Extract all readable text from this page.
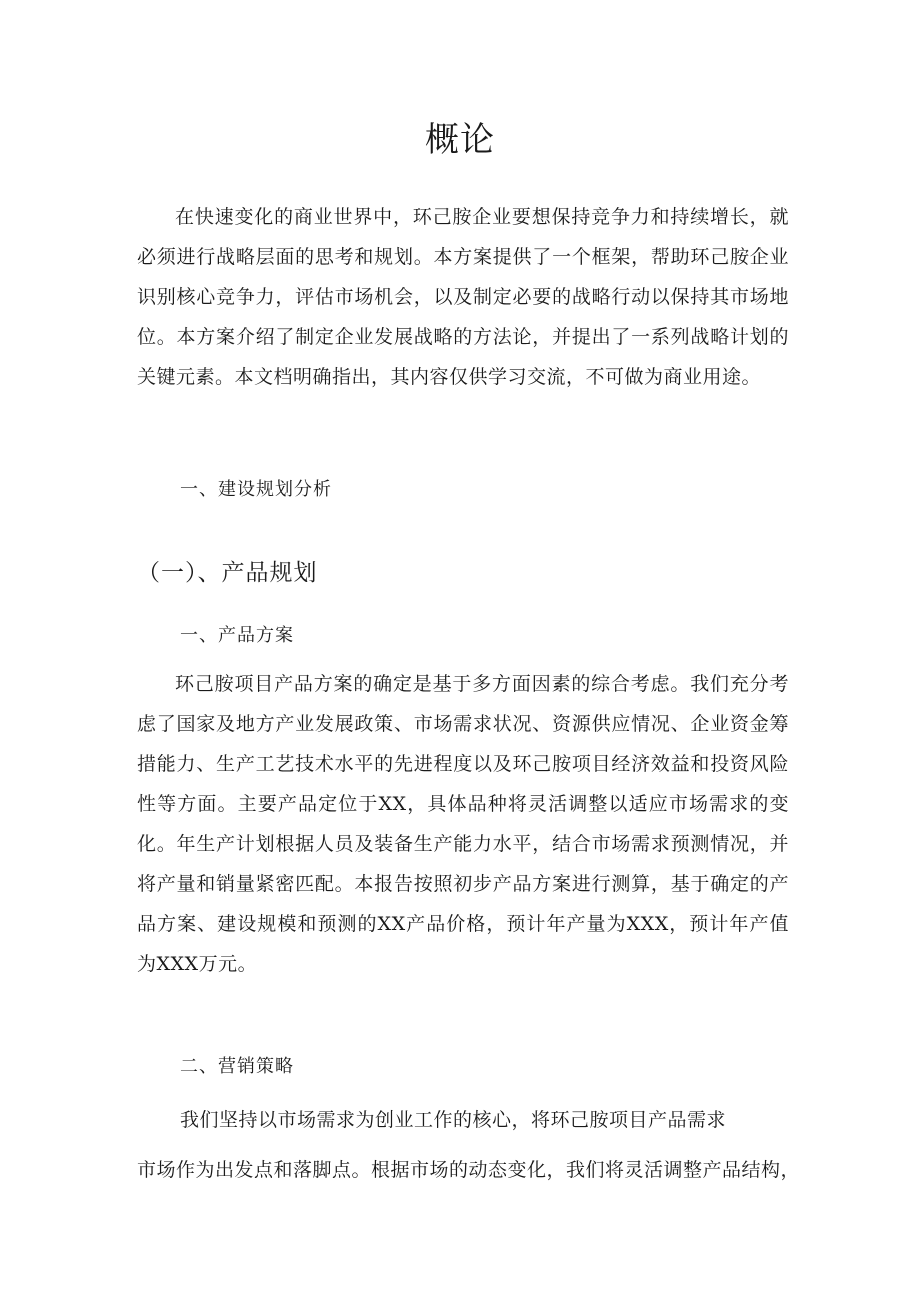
概论

在快速变化的商业世界中，环己胺企业要想保持竞争力和持续增长，就必须进行战略层面的思考和规划。本方案提供了一个框架，帮助环己胺企业识别核心竞争力，评估市场机会，以及制定必要的战略行动以保持其市场地位。本方案介绍了制定企业发展战略的方法论，并提出了一系列战略计划的关键元素。本文档明确指出，其内容仅供学习交流，不可做为商业用途。

一、建设规划分析
（一）、产品规划
一、产品方案

环己胺项目产品方案的确定是基于多方面因素的综合考虑。我们充分考虑了国家及地方产业发展政策、市场需求状况、资源供应情况、企业资金筹措能力、生产工艺技术水平的先进程度以及环己胺项目经济效益和投资风险性等方面。主要产品定位于XX，具体品种将灵活调整以适应市场需求的变化。年生产计划根据人员及装备生产能力水平，结合市场需求预测情况，并将产量和销量紧密匹配。本报告按照初步产品方案进行测算，基于确定的产品方案、建设规模和预测的XX产品价格，预计年产量为XXX，预计年产值为XXX万元。

二、营销策略
我们坚持以市场需求为创业工作的核心，将环己胺项目产品需求
市场作为出发点和落脚点。根据市场的动态变化，我们将灵活调整产品结构，
